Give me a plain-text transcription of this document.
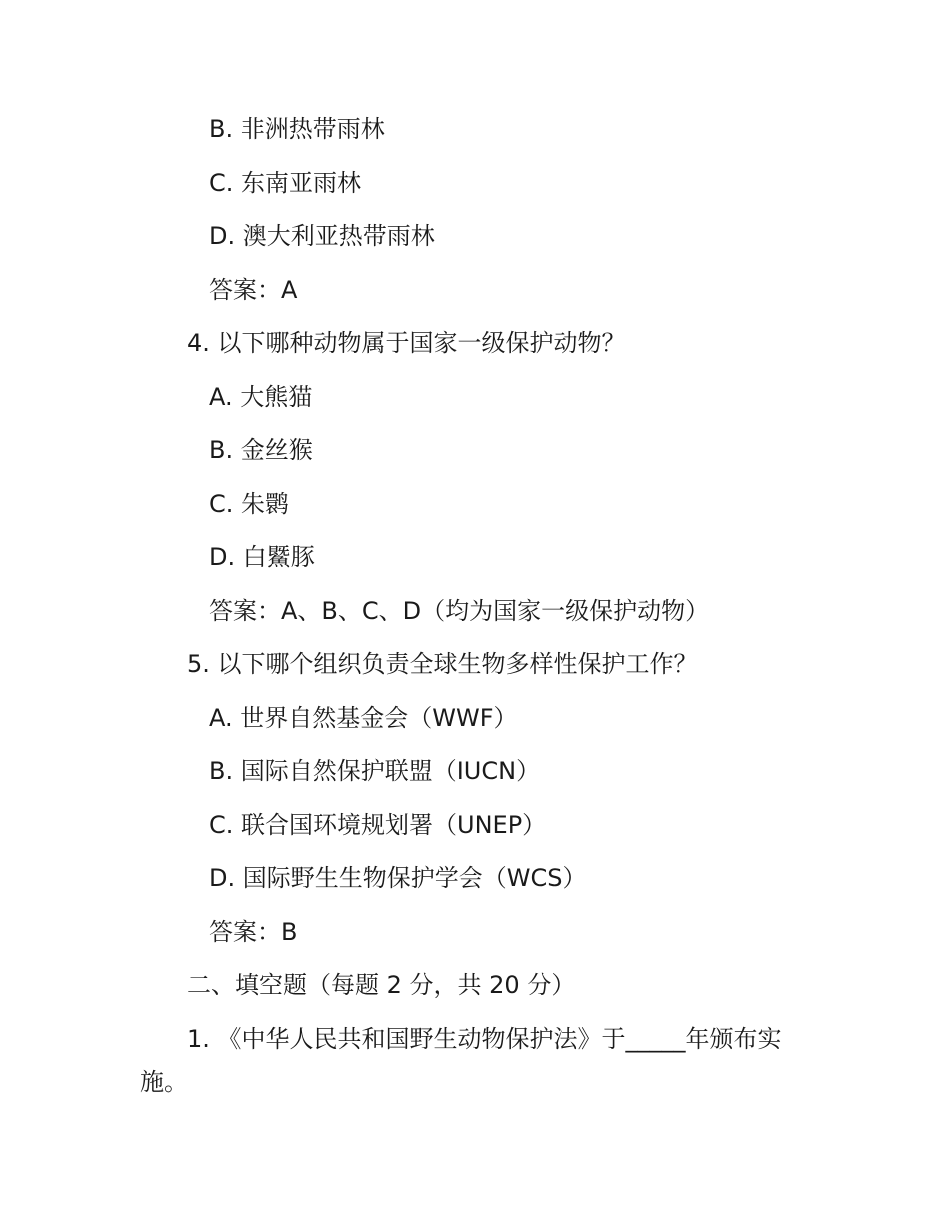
B. 非洲热带雨林
C. 东南亚雨林
D. 澳大利亚热带雨林
答案：A
4. 以下哪种动物属于国家一级保护动物？
A. 大熊猫
B. 金丝猴
C. 朱鹮
D. 白鱀豚
答案：A、B、C、D（均为国家一级保护动物）
5. 以下哪个组织负责全球生物多样性保护工作？
A. 世界自然基金会（WWF）
B. 国际自然保护联盟（IUCN）
C. 联合国环境规划署（UNEP）
D. 国际野生生物保护学会（WCS）
答案：B
二、填空题（每题 2 分，共 20 分）
1. 《中华人民共和国野生动物保护法》于_____年颁布实
施。
